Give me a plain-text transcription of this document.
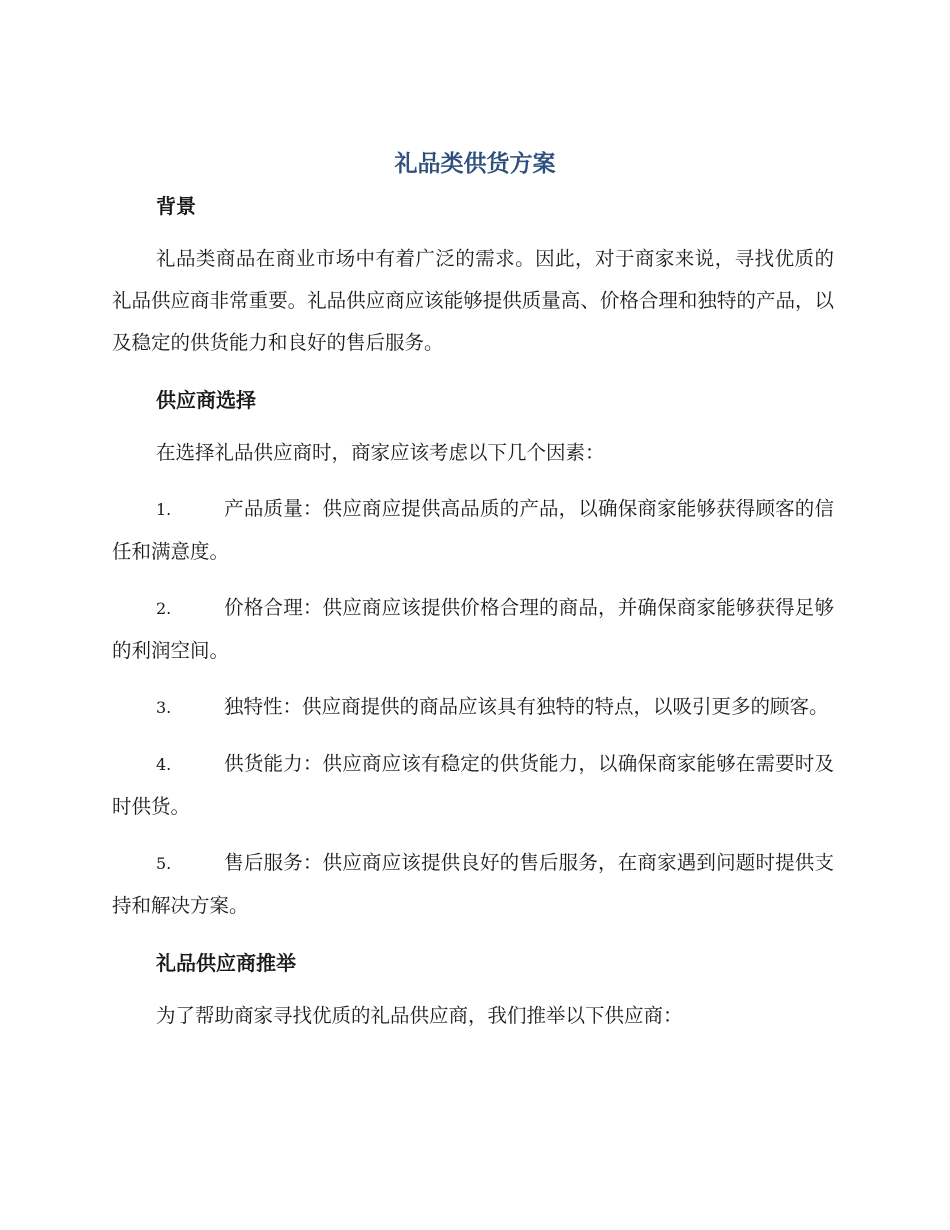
礼品类供货方案
背景

礼品类商品在商业市场中有着广泛的需求。因此，对于商家来说，寻找优质的礼品供应商非常重要。礼品供应商应该能够提供质量高、价格合理和独特的产品，以及稳定的供货能力和良好的售后服务。

供应商选择

在选择礼品供应商时，商家应该考虑以下几个因素：

1.	产品质量：供应商应提供高品质的产品，以确保商家能够获得顾客的信任和满意度。

2.	价格合理：供应商应该提供价格合理的商品，并确保商家能够获得足够的利润空间。

3.	独特性：供应商提供的商品应该具有独特的特点，以吸引更多的顾客。

4.	供货能力：供应商应该有稳定的供货能力，以确保商家能够在需要时及时供货。

5.	售后服务：供应商应该提供良好的售后服务，在商家遇到问题时提供支持和解决方案。

礼品供应商推举

为了帮助商家寻找优质的礼品供应商，我们推举以下供应商：
